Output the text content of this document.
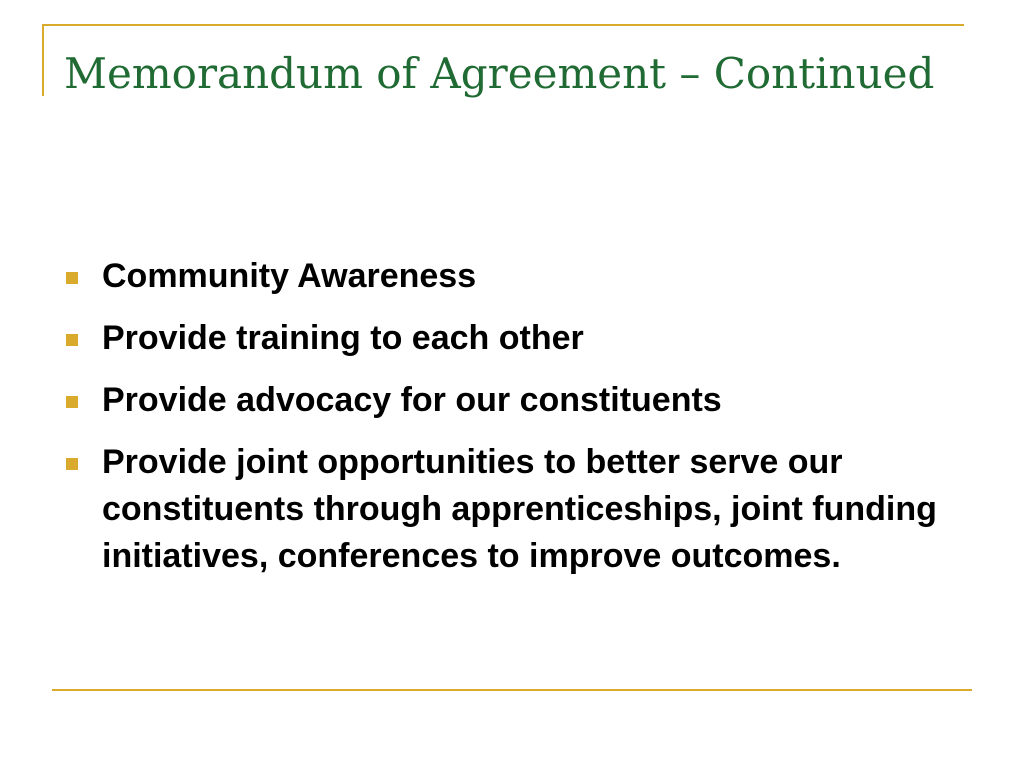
Memorandum of Agreement – Continued
Community Awareness
Provide training to each other
Provide advocacy for our constituents
Provide joint opportunities to better serve our constituents through apprenticeships, joint funding initiatives, conferences to improve outcomes.
